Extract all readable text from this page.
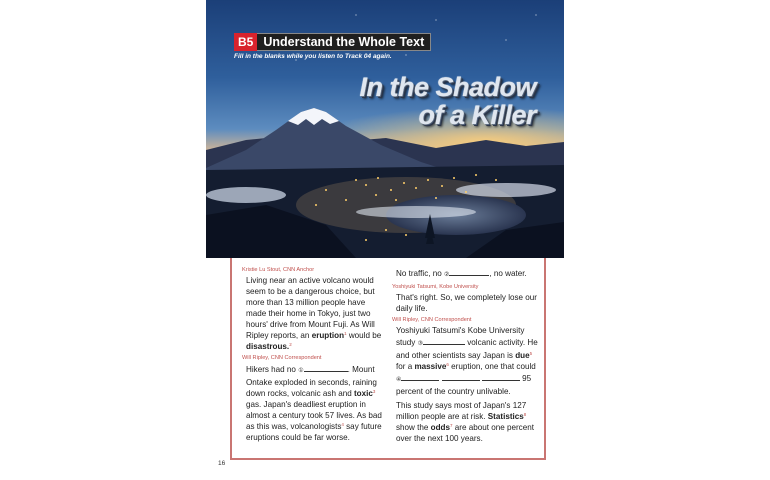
B5 Understand the Whole Text
Fill in the blanks while you listen to Track 04 again.
In the Shadow
of a Killer
Kristie Lu Stout, CNN Anchor

Living near an active volcano would seem to be a dangerous choice, but more than 13 million people have made their home in Tokyo, just two hours' drive from Mount Fuji. As Will Ripley reports, an eruption$^1$ would be disastrous.$^2$

Will Ripley, CNN Correspondent

Hikers had no ①	. Mount Ontake exploded in seconds, raining down rocks, volcanic ash and toxic$^3$ gas. Japan's deadliest eruption in almost a century took 57 lives. As bad as this was, volcanologists$^4$ say future eruptions could be far worse.

No traffic, no ②	, no water.

Yoshiyuki Tatsumi, Kobe University

That's right. So, we completely lose our daily life.

Will Ripley, CNN Correspondent

Yoshiyuki Tatsumi's Kobe University study ③	volcanic activity. He and other scientists say Japan is due$^5$ for a massive$^6$ eruption, one that could ④	95 percent of the country unlivable.

This study says most of Japan's 127 million people are at risk. Statistics$^8$ show the odds$^7$ are about one percent over the next 100 years.

16
